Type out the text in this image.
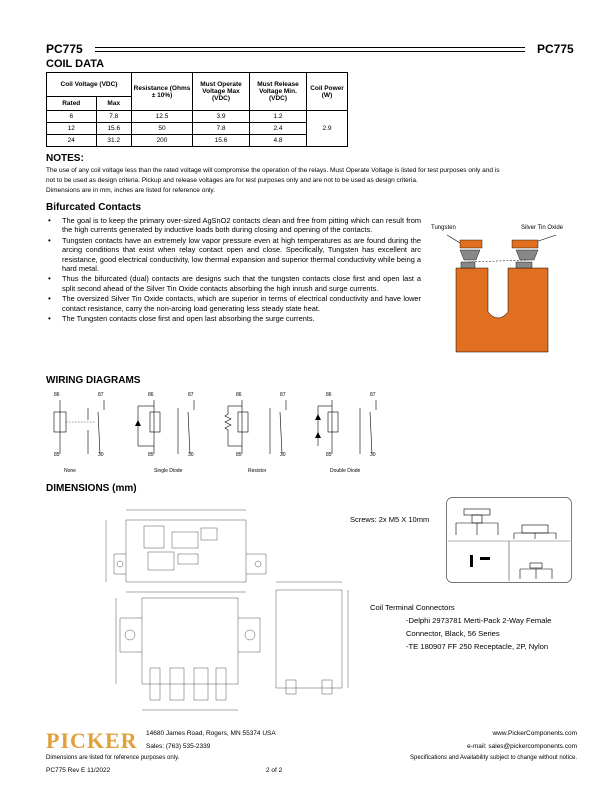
PC775	PC775
COIL DATA
Coil Voltage (VDC)		Resistance (Ohms ± 10%)	Must Operate Voltage Max (VDC)	Must Release Voltage Min. (VDC)	Coil Power (W)
Rated	Max				
6	7.8	12.5	3.9	1.2	2.9
12	15.6	50	7.8	2.4	
24	31.2	200	15.6	4.8	
NOTES:
The use of any coil voltage less than the rated voltage will compromise the operation of the relays. Must Operate Voltage is listed for test purposes only and is
not to be used as design criteria. Pickup and release voltages are for test purposes only and are not to be used as design criteria.
Dimensions are in mm, inches are listed for reference only.
Bifurcated Contacts
• The goal is to keep the primary over-sized AgSnO2 contacts clean and free from pitting which can result from the high currents generated by inductive loads both during closing and opening of the contacts.
• Tungsten contacts have an extremely low vapor pressure even at high temperatures as are found during the arcing conditions that exist when relay contact open and close. Specifically, Tungsten has excellent arc resistance, good electrical conductivity, low thermal expansion and superior thermal conductivity while being a hard metal.
• Thus the bifurcated (dual) contacts are designs such that the tungsten contacts close first and open last a split second ahead of the Silver Tin Oxide contacts absorbing the high inrush and surge currents.
• The oversized Silver Tin Oxide contacts, which are superior in terms of electrical conductivity and have lower contact resistance, carry the non-arcing load generating less steady state heat.
• The Tungsten contacts close first and open last absorbing the surge currents.
Tungsten	Silver Tin Oxide
WIRING DIAGRAMS
86	87
85	30
None
86	87
85	30
Single Diode
86	87
85	30
Resistor
86	87
85	30
Double Diode
DIMENSIONS (mm)
Screws: 2x M5 X 10mm
Coil Terminal Connectors
-Delphi 2973781 Merti-Pack 2-Way Female
Connector, Black, 56 Series
-TE 180907 FF 250 Receptacle, 2P, Nylon
PICKER 14680 James Road, Rogers, MN 55374 USA
Sales: (763) 535-2339
www.PickerComponents.com
e-mail: sales@pickercomponents.com
Dimensions are listed for reference purposes only.	Specifications and Availability subject to change without notice.
PC775 Rev E 11/2022	2 of 2
